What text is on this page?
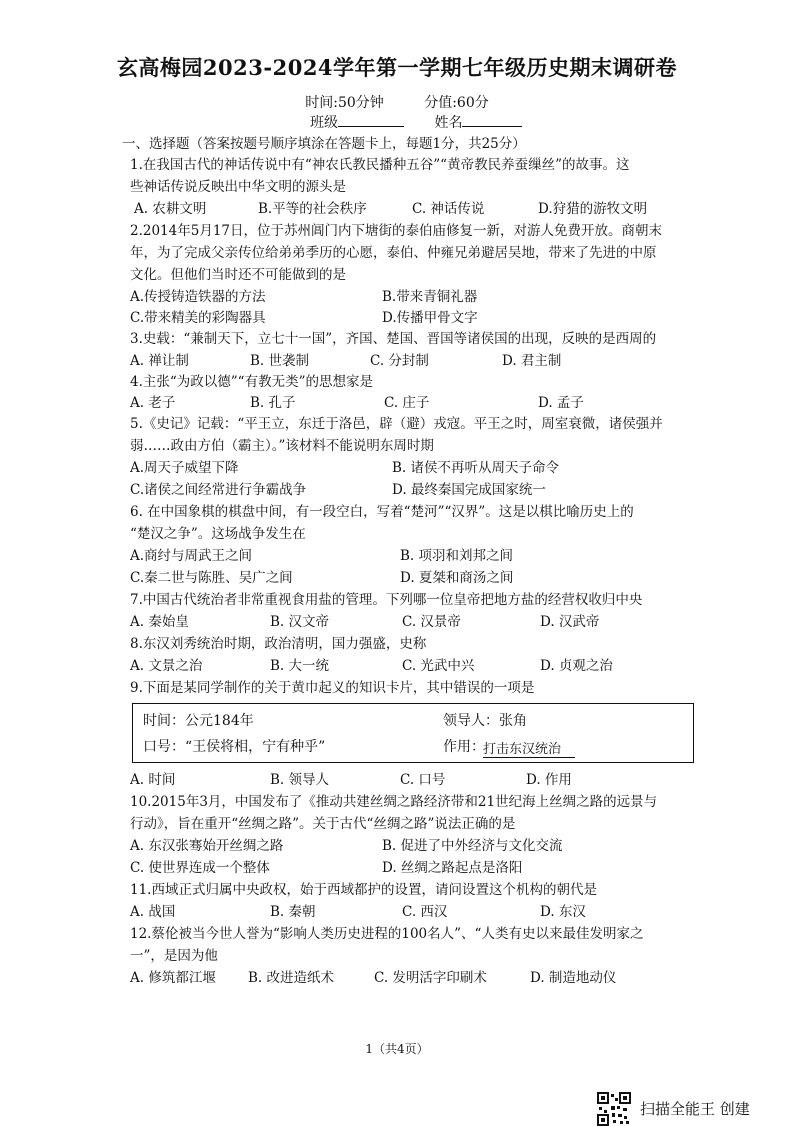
玄高梅园2023-2024学年第一学期七年级历史期末调研卷
时间:50分钟	分值:60分
班级	姓名
一、选择题（答案按题号顺序填涂在答题卡上，每题1分，共25分）
1.在我国古代的神话传说中有“神农氏教民播种五谷”“黄帝教民养蚕缫丝”的故事。这
些神话传说反映出中华文明的源头是
A. 农耕文明	B.平等的社会秩序	C. 神话传说	D.狩猎的游牧文明
2.2014年5月17日，位于苏州阊门内下塘街的泰伯庙修复一新，对游人免费开放。商朝末
年，为了完成父亲传位给弟弟季历的心愿，泰伯、仲雍兄弟避居吴地，带来了先进的中原
文化。但他们当时还不可能做到的是
A.传授铸造铁器的方法	B.带来青铜礼器
C.带来精美的彩陶器具	D.传播甲骨文字
3.史载：“兼制天下，立七十一国”，齐国、楚国、晋国等诸侯国的出现，反映的是西周的
A. 禅让制	B. 世袭制	C. 分封制	D. 君主制
4.主张“为政以德”“有教无类”的思想家是
A. 老子	B. 孔子	C. 庄子	D. 孟子
5.《史记》记载：“平王立，东迁于洛邑，辟（避）戎寇。平王之时，周室衰微，诸侯强并
弱……政由方伯（霸主）。”该材料不能说明东周时期
A.周天子威望下降	B. 诸侯不再听从周天子命令
C.诸侯之间经常进行争霸战争	D. 最终秦国完成国家统一
6. 在中国象棋的棋盘中间，有一段空白，写着“楚河”“汉界”。这是以棋比喻历史上的
“楚汉之争”。这场战争发生在
A.商纣与周武王之间	B. 项羽和刘邦之间
C.秦二世与陈胜、吴广之间	D. 夏桀和商汤之间
7.中国古代统治者非常重视食用盐的管理。下列哪一位皇帝把地方盐的经营权收归中央
A. 秦始皇	B. 汉文帝	C. 汉景帝	D. 汉武帝
8.东汉刘秀统治时期，政治清明，国力强盛，史称
A. 文景之治	B. 大一统	C. 光武中兴	D. 贞观之治
9.下面是某同学制作的关于黄巾起义的知识卡片，其中错误的一项是
时间：公元184年	领导人：张角
口号：“王侯将相，宁有种乎”	作用：
打击东汉统治
A. 时间	B. 领导人	C. 口号	D. 作用
10.2015年3月，中国发布了《推动共建丝绸之路经济带和21世纪海上丝绸之路的远景与
行动》，旨在重开“丝绸之路”。关于古代“丝绸之路”说法正确的是
A. 东汉张骞始开丝绸之路	B. 促进了中外经济与文化交流
C. 使世界连成一个整体	D. 丝绸之路起点是洛阳
11.西域正式归属中央政权，始于西域都护的设置，请问设置这个机构的朝代是
A. 战国	B. 秦朝	C. 西汉	D. 东汉
12.蔡伦被当今世人誉为“影响人类历史进程的100名人”、“人类有史以来最佳发明家之
一”，是因为他
A. 修筑都江堰 B. 改进造纸术	C. 发明活字印刷术	D. 制造地动仪
1（共4页）
扫描全能王 创建
